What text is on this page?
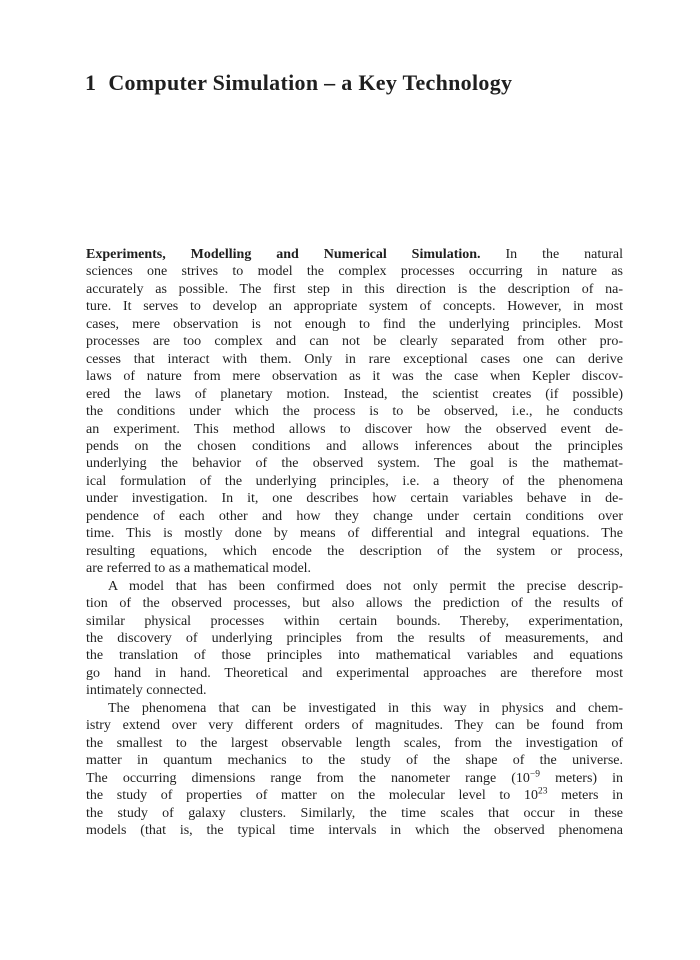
1 Computer Simulation – a Key Technology
Experiments, Modelling and Numerical Simulation. In the natural
sciences one strives to model the complex processes occurring in nature as
accurately as possible. The first step in this direction is the description of na-
ture. It serves to develop an appropriate system of concepts. However, in most
cases, mere observation is not enough to find the underlying principles. Most
processes are too complex and can not be clearly separated from other pro-
cesses that interact with them. Only in rare exceptional cases one can derive
laws of nature from mere observation as it was the case when Kepler discov-
ered the laws of planetary motion. Instead, the scientist creates (if possible)
the conditions under which the process is to be observed, i.e., he conducts
an experiment. This method allows to discover how the observed event de-
pends on the chosen conditions and allows inferences about the principles
underlying the behavior of the observed system. The goal is the mathemat-
ical formulation of the underlying principles, i.e. a theory of the phenomena
under investigation. In it, one describes how certain variables behave in de-
pendence of each other and how they change under certain conditions over
time. This is mostly done by means of differential and integral equations. The
resulting equations, which encode the description of the system or process,
are referred to as a mathematical model.
A model that has been confirmed does not only permit the precise descrip-
tion of the observed processes, but also allows the prediction of the results of
similar physical processes within certain bounds. Thereby, experimentation,
the discovery of underlying principles from the results of measurements, and
the translation of those principles into mathematical variables and equations
go hand in hand. Theoretical and experimental approaches are therefore most
intimately connected.
The phenomena that can be investigated in this way in physics and chem-
istry extend over very different orders of magnitudes. They can be found from
the smallest to the largest observable length scales, from the investigation of
matter in quantum mechanics to the study of the shape of the universe.
The occurring dimensions range from the nanometer range ($10^{-9}$ meters) in
the study of properties of matter on the molecular level to $10^{23}$ meters in
the study of galaxy clusters. Similarly, the time scales that occur in these
models (that is, the typical time intervals in which the observed phenomena
